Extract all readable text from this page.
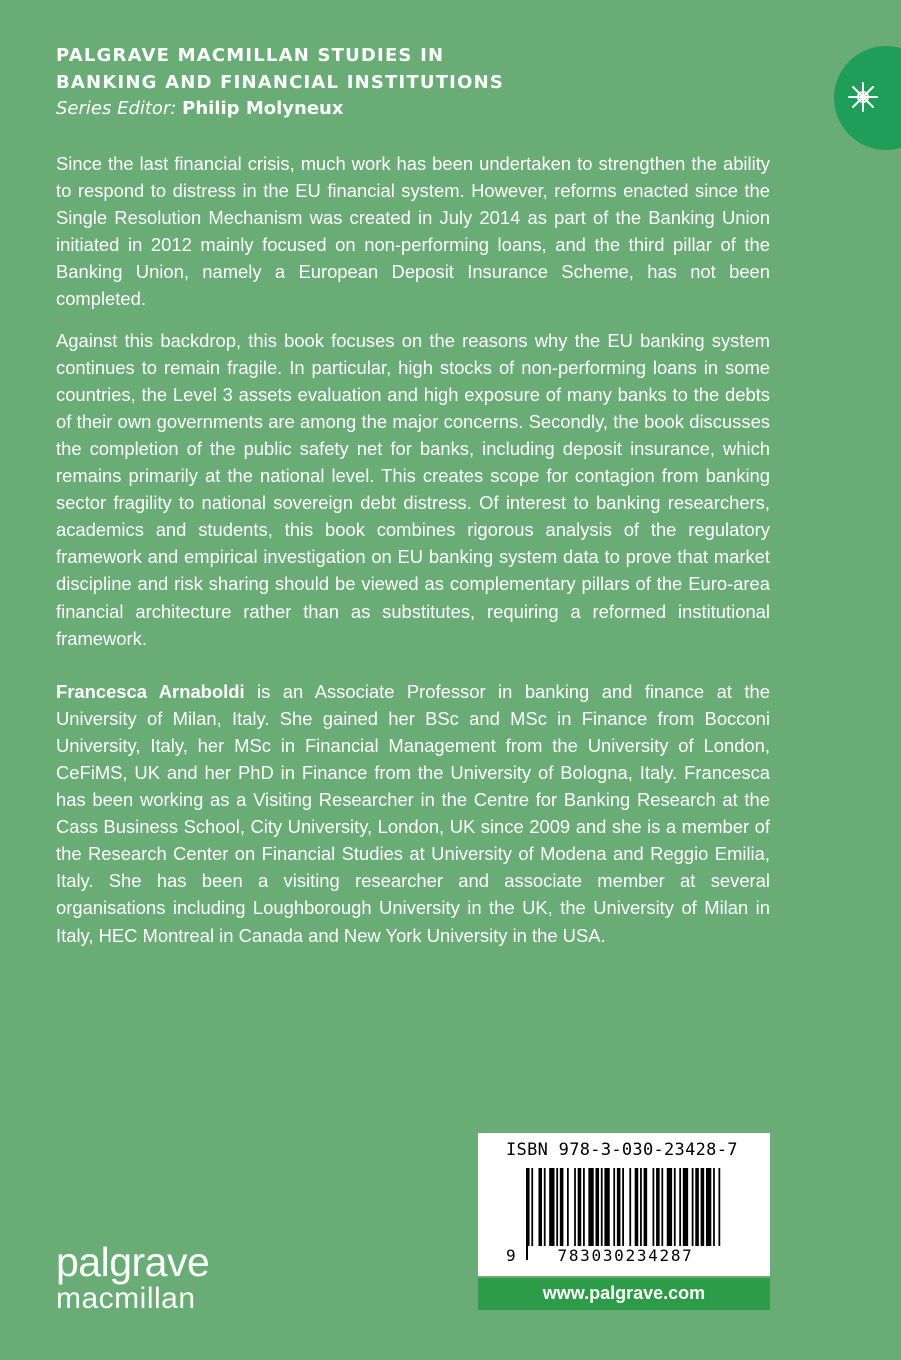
PALGRAVE MACMILLAN STUDIES IN

BANKING AND FINANCIAL INSTITUTIONS

Series Editor: Philip Molyneux

Since the last financial crisis, much work has been undertaken to strengthen the ability to respond to distress in the EU financial system. However, reforms enacted since the Single Resolution Mechanism was created in July 2014 as part of the Banking Union initiated in 2012 mainly focused on non-performing loans, and the third pillar of the Banking Union, namely a European Deposit Insurance Scheme, has not been completed.

Against this backdrop, this book focuses on the reasons why the EU banking system continues to remain fragile. In particular, high stocks of non-performing loans in some countries, the Level 3 assets evaluation and high exposure of many banks to the debts of their own governments are among the major concerns. Secondly, the book discusses the completion of the public safety net for banks, including deposit insurance, which remains primarily at the national level. This creates scope for contagion from banking sector fragility to national sovereign debt distress. Of interest to banking researchers, academics and students, this book combines rigorous analysis of the regulatory framework and empirical investigation on EU banking system data to prove that market discipline and risk sharing should be viewed as complementary pillars of the Euro-area financial architecture rather than as substitutes, requiring a reformed institutional framework.

Francesca Arnaboldi is an Associate Professor in banking and finance at the University of Milan, Italy. She gained her BSc and MSc in Finance from Bocconi University, Italy, her MSc in Financial Management from the University of London, CeFiMS, UK and her PhD in Finance from the University of Bologna, Italy. Francesca has been working as a Visiting Researcher in the Centre for Banking Research at the Cass Business School, City University, London, UK since 2009 and she is a member of the Research Center on Financial Studies at University of Modena and Reggio Emilia, Italy. She has been a visiting researcher and associate member at several organisations including Loughborough University in the UK, the University of Milan in Italy, HEC Montreal in Canada and New York University in the USA.

ISBN 978-3-030-23428-7
9	783030234287
www.palgrave.com
palgrave
macmillan
